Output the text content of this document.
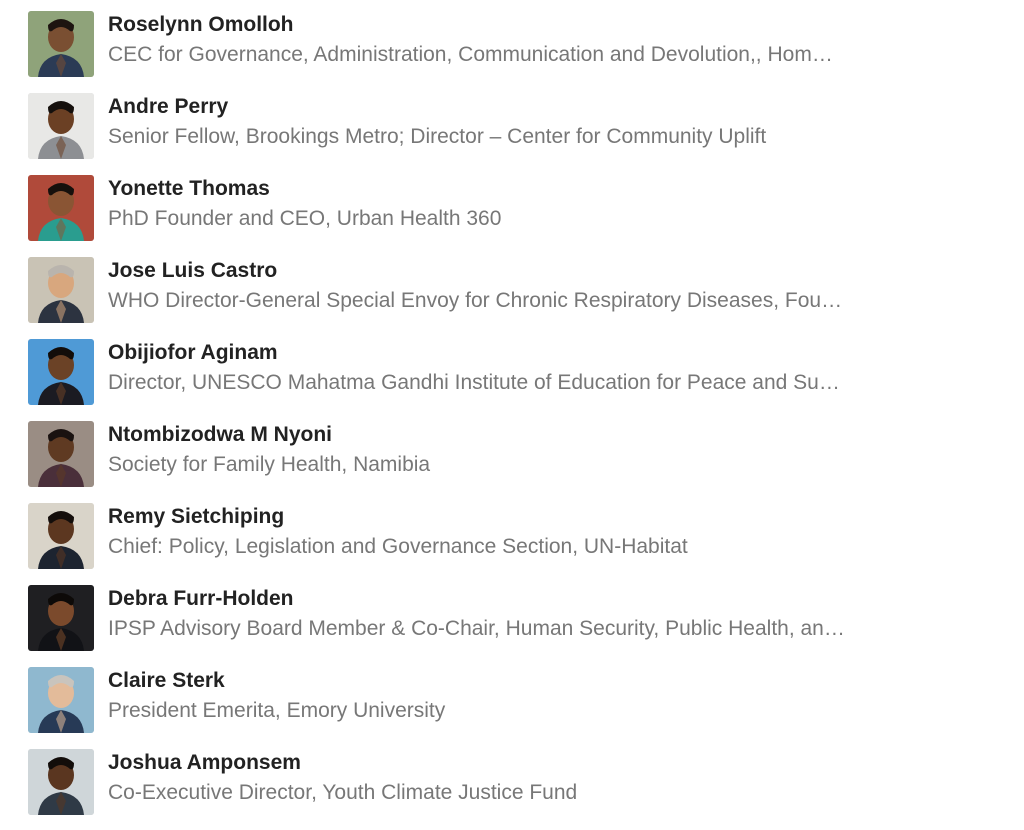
Roselynn Omolloh
CEC for Governance, Administration, Communication and Devolution,, Hom…
Andre Perry
Senior Fellow, Brookings Metro; Director – Center for Community Uplift
Yonette Thomas
PhD Founder and CEO, Urban Health 360
Jose Luis Castro
WHO Director-General Special Envoy for Chronic Respiratory Diseases, Fou…
Obijiofor Aginam
Director, UNESCO Mahatma Gandhi Institute of Education for Peace and Su…
Ntombizodwa M Nyoni
Society for Family Health, Namibia
Remy Sietchiping
Chief: Policy, Legislation and Governance Section, UN-Habitat
Debra Furr-Holden
IPSP Advisory Board Member & Co-Chair, Human Security, Public Health, an…
Claire Sterk
President Emerita, Emory University
Joshua Amponsem
Co-Executive Director, Youth Climate Justice Fund
